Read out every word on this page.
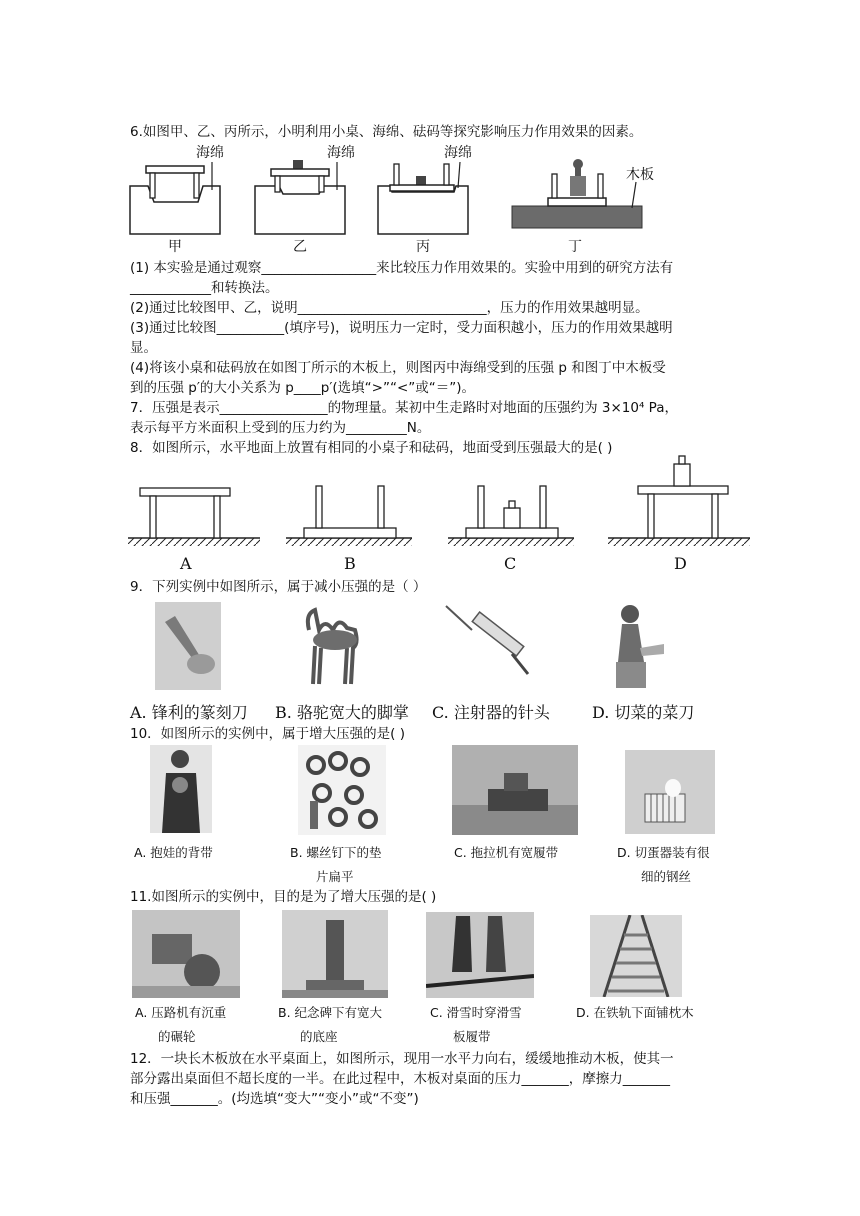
6.如图甲、乙、丙所示，小明利用小桌、海绵、砝码等探究影响压力作用效果的因素。
海绵
甲
海绵
乙
海绵
丙
木板
丁
(1) 本实验是通过观察_________________来比较压力作用效果的。实验中用到的研究方法有
____________和转换法。
(2)通过比较图甲、乙，说明____________________________，压力的作用效果越明显。
(3)通过比较图__________(填序号)，说明压力一定时，受力面积越小，压力的作用效果越明
显。
(4)将该小桌和砝码放在如图丁所示的木板上，则图丙中海绵受到的压强 p 和图丁中木板受
到的压强 p′的大小关系为 p____p′(选填“>”“<”或“＝”)。
7．压强是表示________________的物理量。某初中生走路时对地面的压强约为 3×10⁴ Pa，
表示每平方米面积上受到的压力约为_________N。
8．如图所示，水平地面上放置有相同的小桌子和砝码，地面受到压强最大的是( )
A	B	C	D
9．下列实例中如图所示，属于减小压强的是（ ）
A. 锋利的篆刻刀 B. 骆驼宽大的脚掌 C. 注射器的针头	D. 切菜的菜刀
10．如图所示的实例中，属于增大压强的是( )
A. 抱娃的背带	B. 螺丝钉下的垫
片扁平
C. 拖拉机有宽履带	D. 切蛋器装有很
细的钢丝
11.如图所示的实例中，目的是为了增大压强的是( )
A. 压路机有沉重
的碾轮
B. 纪念碑下有宽大
的底座
C. 滑雪时穿滑雪
板履带
D. 在铁轨下面铺枕木
12．一块长木板放在水平桌面上，如图所示，现用一水平力向右，缓缓地推动木板，使其一
部分露出桌面但不超长度的一半。在此过程中，木板对桌面的压力_______，摩擦力_______
和压强_______。(均选填“变大”“变小”或“不变”)
